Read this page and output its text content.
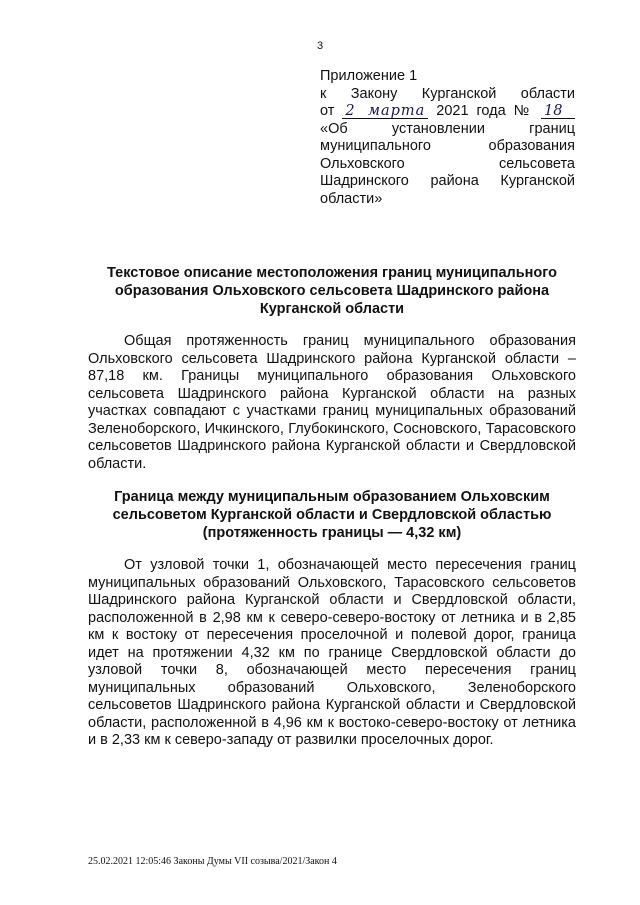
3
Приложение 1
к Закону Курганской области
от 2 марта 2021 года № 18
«Об установлении границ
муниципального образования
Ольховского сельсовета
Шадринского района Курганской
области»
Текстовое описание местоположения границ муниципального образования Ольховского сельсовета Шадринского района Курганской области
Общая протяженность границ муниципального образования Ольховского сельсовета Шадринского района Курганской области – 87,18 км. Границы муниципального образования Ольховского сельсовета Шадринского района Курганской области на разных участках совпадают с участками границ муниципальных образований Зеленоборского, Ичкинского, Глубокинского, Сосновского, Тарасовского сельсоветов Шадринского района Курганской области и Свердловской области.
Граница между муниципальным образованием Ольховским сельсоветом Курганской области и Свердловской областью (протяженность границы — 4,32 км)
От узловой точки 1, обозначающей место пересечения границ муниципальных образований Ольховского, Тарасовского сельсоветов Шадринского района Курганской области и Свердловской области, расположенной в 2,98 км к северо-северо-востоку от летника и в 2,85 км к востоку от пересечения проселочной и полевой дорог, граница идет на протяжении 4,32 км по границе Свердловской области до узловой точки 8, обозначающей место пересечения границ муниципальных образований Ольховского, Зеленоборского сельсоветов Шадринского района Курганской области и Свердловской области, расположенной в 4,96 км к востоко-северо-востоку от летника и в 2,33 км к северо-западу от развилки проселочных дорог.
25.02.2021 12:05:46 Законы Думы VII созыва/2021/Закон 4
